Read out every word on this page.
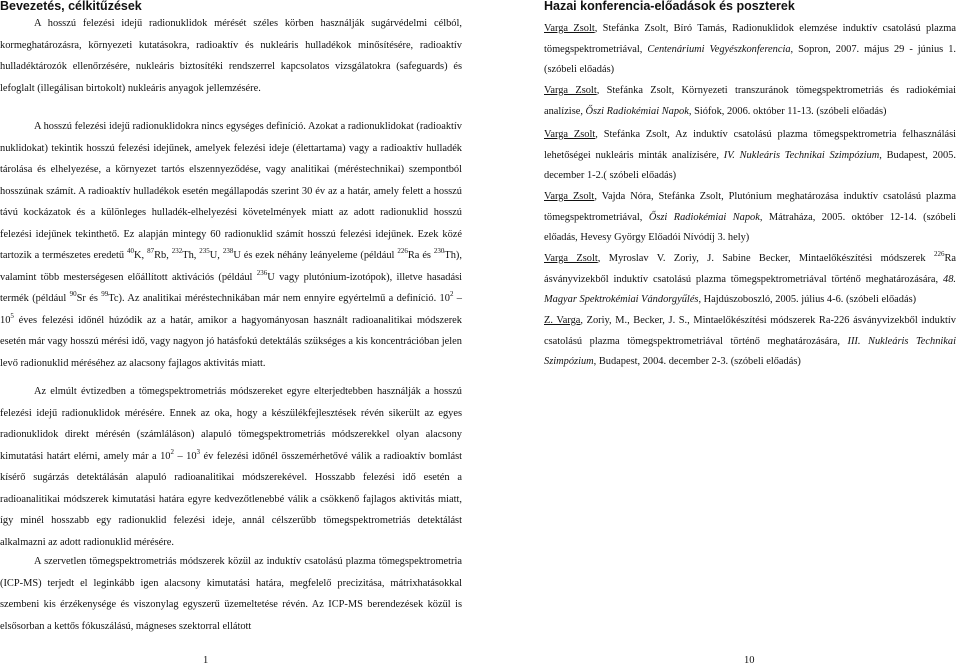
Bevezetés, célkitűzések

A hosszú felezési idejű radionuklidok mérését széles körben használják sugárvédelmi célból, kormeghatározásra, környezeti kutatásokra, radioaktív és nukleáris hulladékok minősítésére, radioaktív hulladéktározók ellenőrzésére, nukleáris biztosítéki rendszerrel kapcsolatos vizsgálatokra (safeguards) és lefoglalt (illegálisan birtokolt) nukleáris anyagok jellemzésére.

A hosszú felezési idejű radionuklidokra nincs egységes definíció. Azokat a radionuklidokat (radioaktív nuklidokat) tekintik hosszú felezési idejűnek, amelyek felezési ideje (élettartama) vagy a radioaktív hulladék tárolása és elhelyezése, a környezet tartós elszennyeződése, vagy analitikai (méréstechnikai) szempontból hosszúnak számít. A radioaktív hulladékok esetén megállapodás szerint 30 év az a határ, amely felett a hosszú távú kockázatok és a különleges hulladék-elhelyezési követelmények miatt az adott radionuklid hosszú felezési idejűnek tekinthető. Ez alapján mintegy 60 radionuklid számít hosszú felezési idejűnek. Ezek közé tartozik a természetes eredetű $^{40}$K, $^{87}$Rb, $^{232}$Th, $^{235}$U, $^{238}$U és ezek néhány leányeleme (például $^{226}$Ra és $^{230}$Th), valamint több mesterségesen előállított aktivációs (például $^{236}$U vagy plutónium-izotópok), illetve hasadási termék (például $^{90}$Sr és $^{99}$Tc). Az analitikai méréstechnikában már nem ennyire egyértelmű a definíció. $10^2 - 10^5$ éves felezési időnél húzódik az a határ, amikor a hagyományosan használt radioanalitikai módszerek esetén már vagy hosszú mérési idő, vagy nagyon jó hatásfokú detektálás szükséges a kis koncentrációban jelen levő radionuklid méréséhez az alacsony fajlagos aktivitás miatt.

Az elmúlt évtizedben a tömegspektrometriás módszereket egyre elterjedtebben használják a hosszú felezési idejű radionuklidok mérésére. Ennek az oka, hogy a készülékfejlesztések révén sikerült az egyes radionuklidok direkt mérésén (számláláson) alapuló tömegspektrometriás módszerekkel olyan alacsony kimutatási határt elérni, amely már a $10^2 - 10^3$ év felezési időnél összemérhetővé válik a radioaktív bomlást kísérő sugárzás detektálásán alapuló radioanalitikai módszerekével. Hosszabb felezési idő esetén a radioanalitikai módszerek kimutatási határa egyre kedvezőtlenebbé válik a csökkenő fajlagos aktivitás miatt, így minél hosszabb egy radionuklid felezési ideje, annál célszerűbb tömegspektrometriás detektálást alkalmazni az adott radionuklid mérésére.

A szervetlen tömegspektrometriás módszerek közül az induktív csatolású plazma tömegspektrometria (ICP-MS) terjedt el leginkább igen alacsony kimutatási határa, megfelelő precizitása, mátrixhatásokkal szembeni kis érzékenysége és viszonylag egyszerű üzemeltetése révén. Az ICP-MS berendezések közül is elsősorban a kettős fókuszálású, mágneses szektorral ellátott

1
Hazai konferencia-előadások és poszterek

Varga Zsolt, Stefánka Zsolt, Bíró Tamás, Radionuklidok elemzése induktív csatolású plazma tömegspektrometriával, Centenáriumi Vegyészkonferencia, Sopron, 2007. május 29 - június 1. (szóbeli előadás)

Varga Zsolt, Stefánka Zsolt, Környezeti transzuránok tömegspektrometriás és radiokémiai analízise, Őszi Radiokémiai Napok, Siófok, 2006. október 11-13. (szóbeli előadás)

Varga Zsolt, Stefánka Zsolt, Az induktív csatolású plazma tömegspektrometria felhasználási lehetőségei nukleáris minták analízisére, IV. Nukleáris Technikai Szimpózium, Budapest, 2005. december 1-2.( szóbeli előadás)

Varga Zsolt, Vajda Nóra, Stefánka Zsolt, Plutónium meghatározása induktív csatolású plazma tömegspektrometriával, Őszi Radiokémiai Napok, Mátraháza, 2005. október 12-14. (szóbeli előadás, Hevesy György Előadói Nívódíj 3. hely)

Varga Zsolt, Myroslav V. Zoriy, J. Sabine Becker, Mintaelőkészítési módszerek $^{226}$Ra ásványvizekből induktív csatolású plazma tömegspektrometriával történő meghatározására, 48. Magyar Spektrokémiai Vándorgyűlés, Hajdúszoboszló, 2005. július 4-6. (szóbeli előadás)

Z. Varga, Zoriy, M., Becker, J. S., Mintaelőkészítési módszerek Ra-226 ásványvizekből induktív csatolású plazma tömegspektrometriával történő meghatározására, III. Nukleáris Technikai Szimpózium, Budapest, 2004. december 2-3. (szóbeli előadás)

10
